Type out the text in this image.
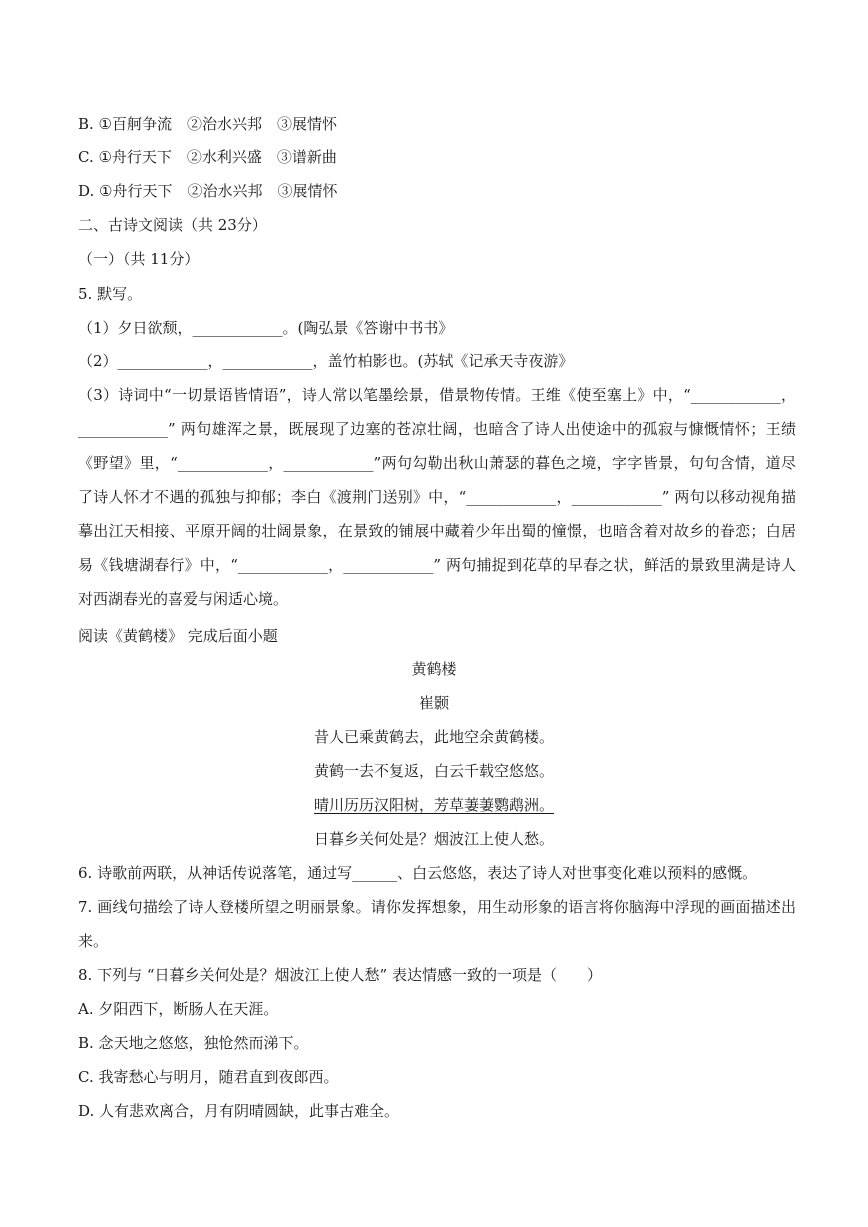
B. ①百舸争流　②治水兴邦　③展情怀
C. ①舟行天下　②水利兴盛　③谱新曲
D. ①舟行天下　②治水兴邦　③展情怀
二、古诗文阅读（共 23分）
（一）（共 11分）
5. 默写。
（1）夕日欲颓，____________。(陶弘景《答谢中书书》
（2）____________，____________，盖竹柏影也。(苏轼《记承天寺夜游》
（3）诗词中“一切景语皆情语”，诗人常以笔墨绘景，借景物传情。王维《使至塞上》中，“____________，____________” 两句雄浑之景，既展现了边塞的苍凉壮阔，也暗含了诗人出使途中的孤寂与慷慨情怀；王绩《野望》里，“____________，____________”两句勾勒出秋山萧瑟的暮色之境，字字皆景，句句含情，道尽了诗人怀才不遇的孤独与抑郁；李白《渡荆门送别》中，“____________，____________” 两句以移动视角描摹出江天相接、平原开阔的壮阔景象，在景致的铺展中藏着少年出蜀的憧憬，也暗含着对故乡的眷恋；白居易《钱塘湖春行》中，“____________，____________” 两句捕捉到花草的早春之状，鲜活的景致里满是诗人对西湖春光的喜爱与闲适心境。
阅读《黄鹤楼》 完成后面小题
黄鹤楼
崔颢
昔人已乘黄鹤去，此地空余黄鹤楼。
黄鹤一去不复返，白云千载空悠悠。
晴川历历汉阳树，芳草萋萋鹦鹉洲。
日暮乡关何处是？烟波江上使人愁。
6. 诗歌前两联，从神话传说落笔，通过写______、白云悠悠，表达了诗人对世事变化难以预料的感慨。
7. 画线句描绘了诗人登楼所望之明丽景象。请你发挥想象，用生动形象的语言将你脑海中浮现的画面描述出来。
8. 下列与 “日暮乡关何处是？烟波江上使人愁” 表达情感一致的一项是（　　）
A. 夕阳西下，断肠人在天涯。
B. 念天地之悠悠，独怆然而涕下。
C. 我寄愁心与明月，随君直到夜郎西。
D. 人有悲欢离合，月有阴晴圆缺，此事古难全。
